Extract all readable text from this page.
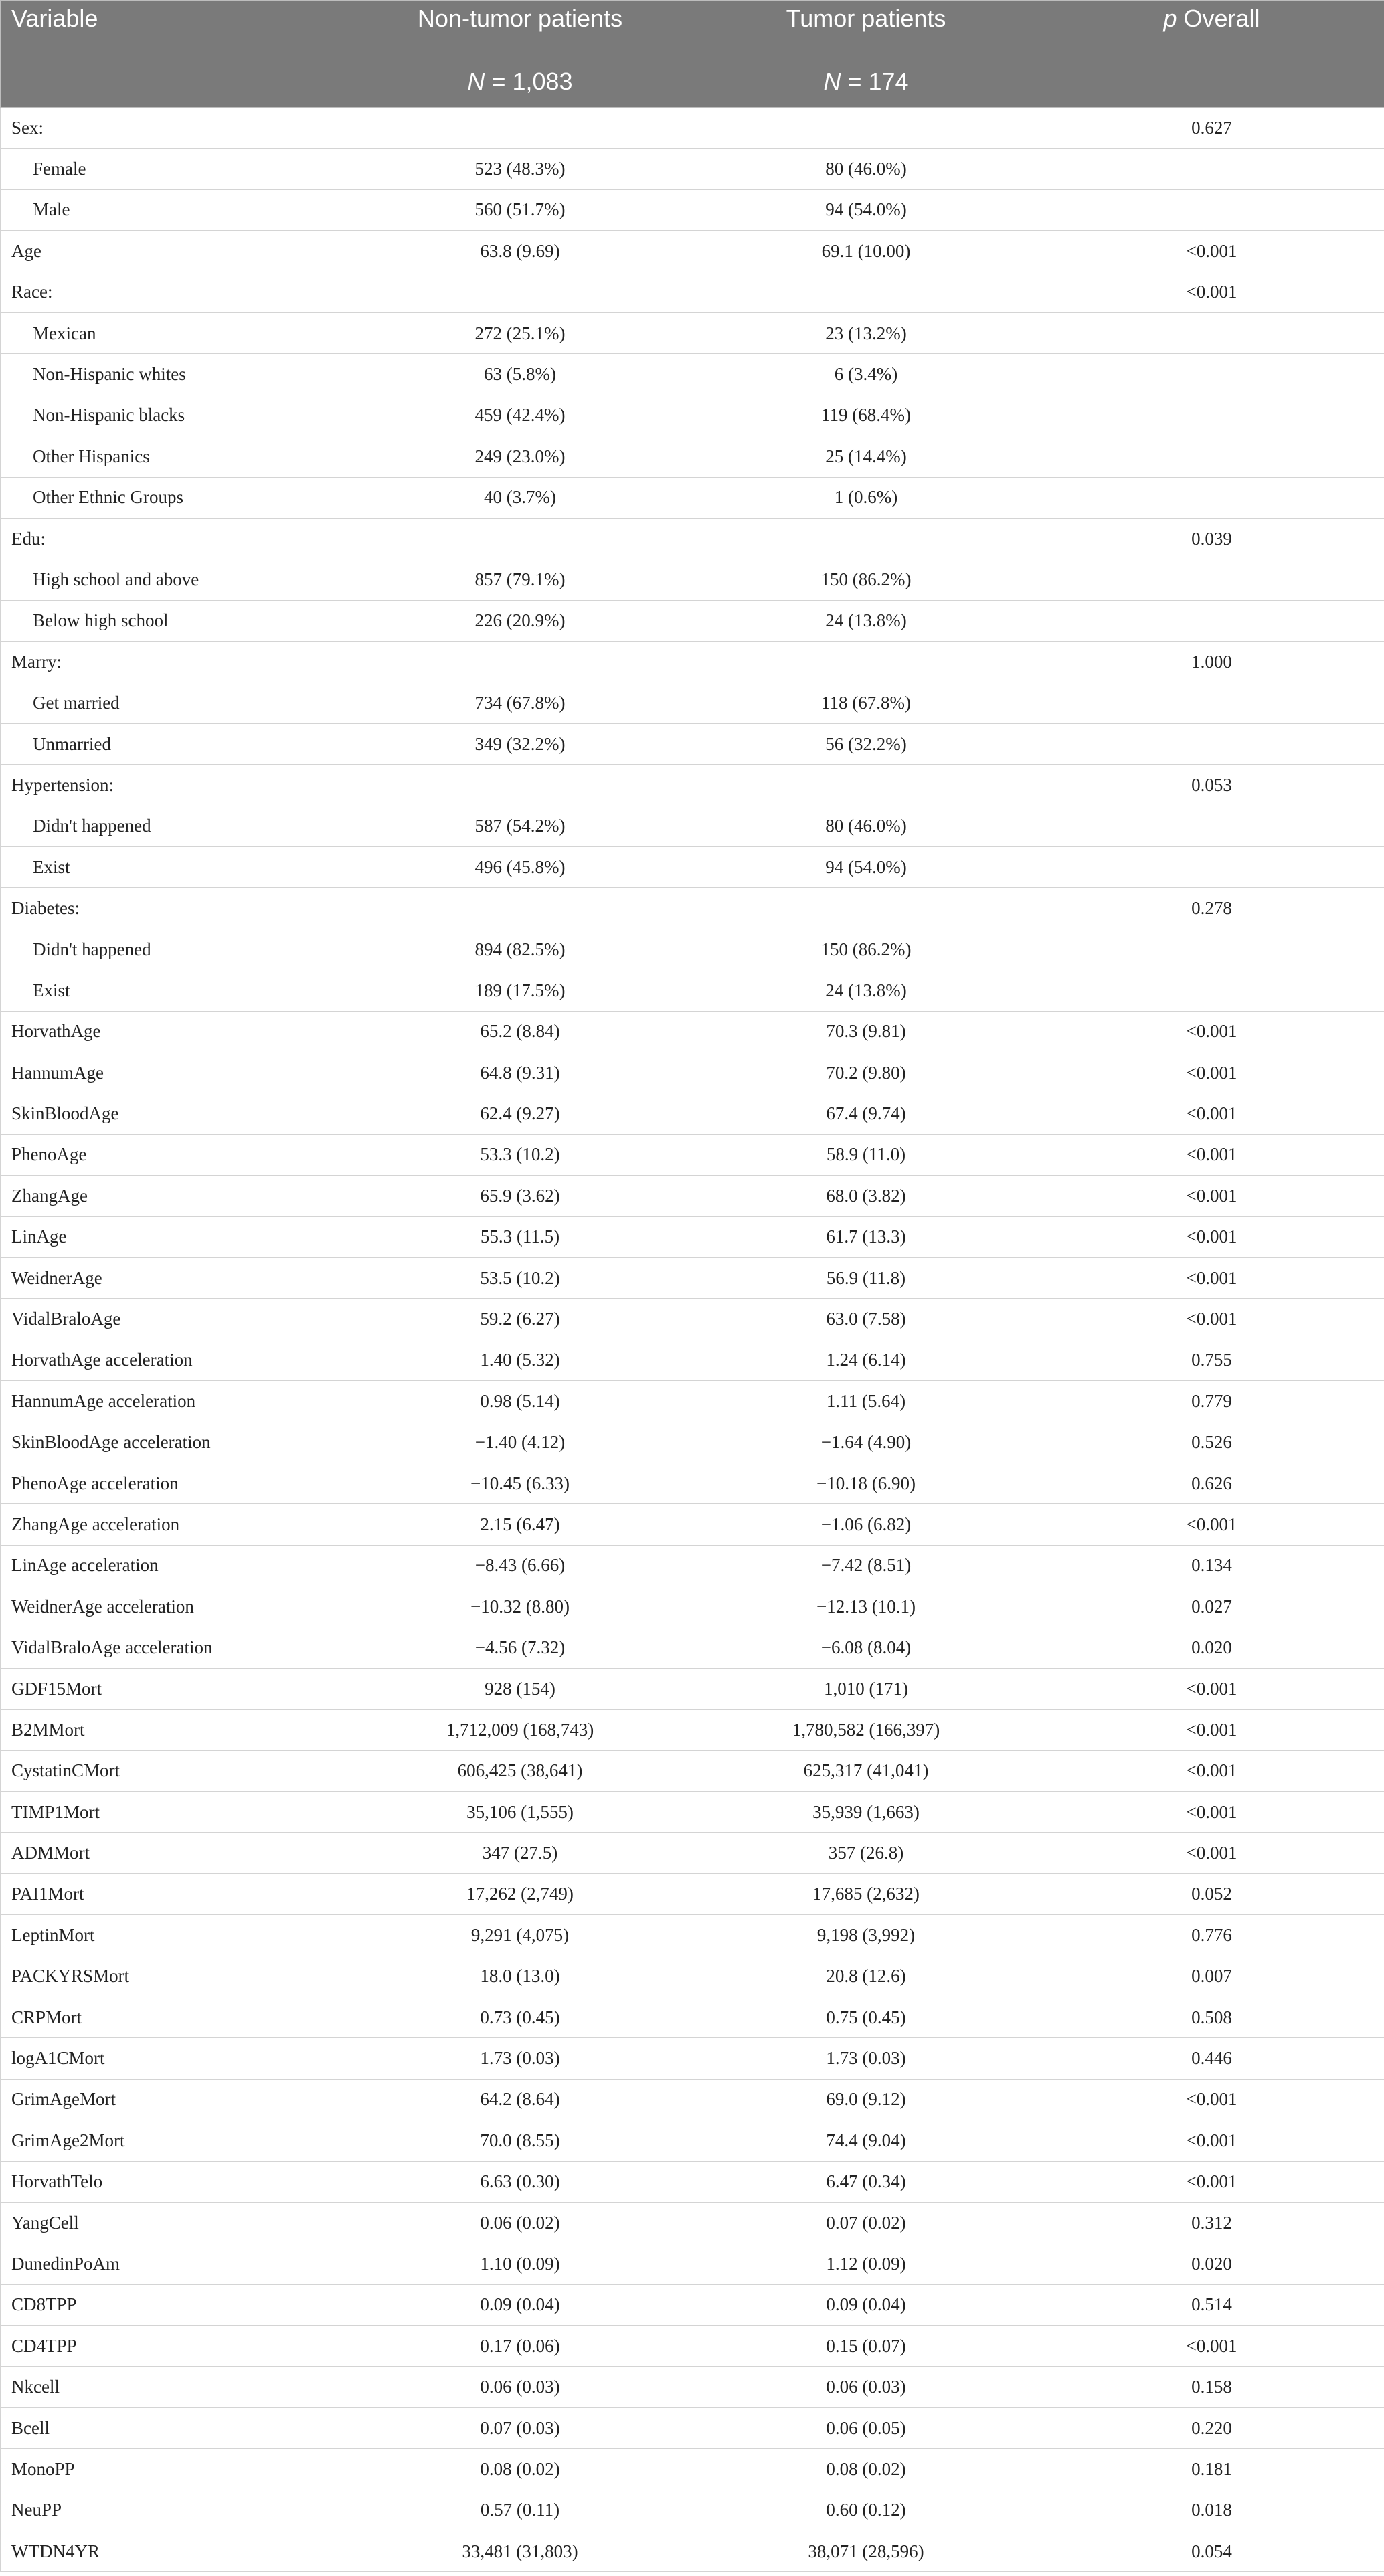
Variable	Non-tumor patients	Tumor patients	p Overall
	N = 1,083	N = 174	
Sex:			0.627
Female	523 (48.3%)	80 (46.0%)	
Male	560 (51.7%)	94 (54.0%)	
Age	63.8 (9.69)	69.1 (10.00)	<0.001
Race:			<0.001
Mexican	272 (25.1%)	23 (13.2%)	
Non-Hispanic whites	63 (5.8%)	6 (3.4%)	
Non-Hispanic blacks	459 (42.4%)	119 (68.4%)	
Other Hispanics	249 (23.0%)	25 (14.4%)	
Other Ethnic Groups	40 (3.7%)	1 (0.6%)	
Edu:			0.039
High school and above	857 (79.1%)	150 (86.2%)	
Below high school	226 (20.9%)	24 (13.8%)	
Marry:			1.000
Get married	734 (67.8%)	118 (67.8%)	
Unmarried	349 (32.2%)	56 (32.2%)	
Hypertension:			0.053
Didn't happened	587 (54.2%)	80 (46.0%)	
Exist	496 (45.8%)	94 (54.0%)	
Diabetes:			0.278
Didn't happened	894 (82.5%)	150 (86.2%)	
Exist	189 (17.5%)	24 (13.8%)	
HorvathAge	65.2 (8.84)	70.3 (9.81)	<0.001
HannumAge	64.8 (9.31)	70.2 (9.80)	<0.001
SkinBloodAge	62.4 (9.27)	67.4 (9.74)	<0.001
PhenoAge	53.3 (10.2)	58.9 (11.0)	<0.001
ZhangAge	65.9 (3.62)	68.0 (3.82)	<0.001
LinAge	55.3 (11.5)	61.7 (13.3)	<0.001
WeidnerAge	53.5 (10.2)	56.9 (11.8)	<0.001
VidalBraloAge	59.2 (6.27)	63.0 (7.58)	<0.001
HorvathAge acceleration	1.40 (5.32)	1.24 (6.14)	0.755
HannumAge acceleration	0.98 (5.14)	1.11 (5.64)	0.779
SkinBloodAge acceleration	−1.40 (4.12)	−1.64 (4.90)	0.526
PhenoAge acceleration	−10.45 (6.33)	−10.18 (6.90)	0.626
ZhangAge acceleration	2.15 (6.47)	−1.06 (6.82)	<0.001
LinAge acceleration	−8.43 (6.66)	−7.42 (8.51)	0.134
WeidnerAge acceleration	−10.32 (8.80)	−12.13 (10.1)	0.027
VidalBraloAge acceleration	−4.56 (7.32)	−6.08 (8.04)	0.020
GDF15Mort	928 (154)	1,010 (171)	<0.001
B2MMort	1,712,009 (168,743)	1,780,582 (166,397)	<0.001
CystatinCMort	606,425 (38,641)	625,317 (41,041)	<0.001
TIMP1Mort	35,106 (1,555)	35,939 (1,663)	<0.001
ADMMort	347 (27.5)	357 (26.8)	<0.001
PAI1Mort	17,262 (2,749)	17,685 (2,632)	0.052
LeptinMort	9,291 (4,075)	9,198 (3,992)	0.776
PACKYRSMort	18.0 (13.0)	20.8 (12.6)	0.007
CRPMort	0.73 (0.45)	0.75 (0.45)	0.508
logA1CMort	1.73 (0.03)	1.73 (0.03)	0.446
GrimAgeMort	64.2 (8.64)	69.0 (9.12)	<0.001
GrimAge2Mort	70.0 (8.55)	74.4 (9.04)	<0.001
HorvathTelo	6.63 (0.30)	6.47 (0.34)	<0.001
YangCell	0.06 (0.02)	0.07 (0.02)	0.312
DunedinPoAm	1.10 (0.09)	1.12 (0.09)	0.020
CD8TPP	0.09 (0.04)	0.09 (0.04)	0.514
CD4TPP	0.17 (0.06)	0.15 (0.07)	<0.001
Nkcell	0.06 (0.03)	0.06 (0.03)	0.158
Bcell	0.07 (0.03)	0.06 (0.05)	0.220
MonoPP	0.08 (0.02)	0.08 (0.02)	0.181
NeuPP	0.57 (0.11)	0.60 (0.12)	0.018
WTDN4YR	33,481 (31,803)	38,071 (28,596)	0.054
